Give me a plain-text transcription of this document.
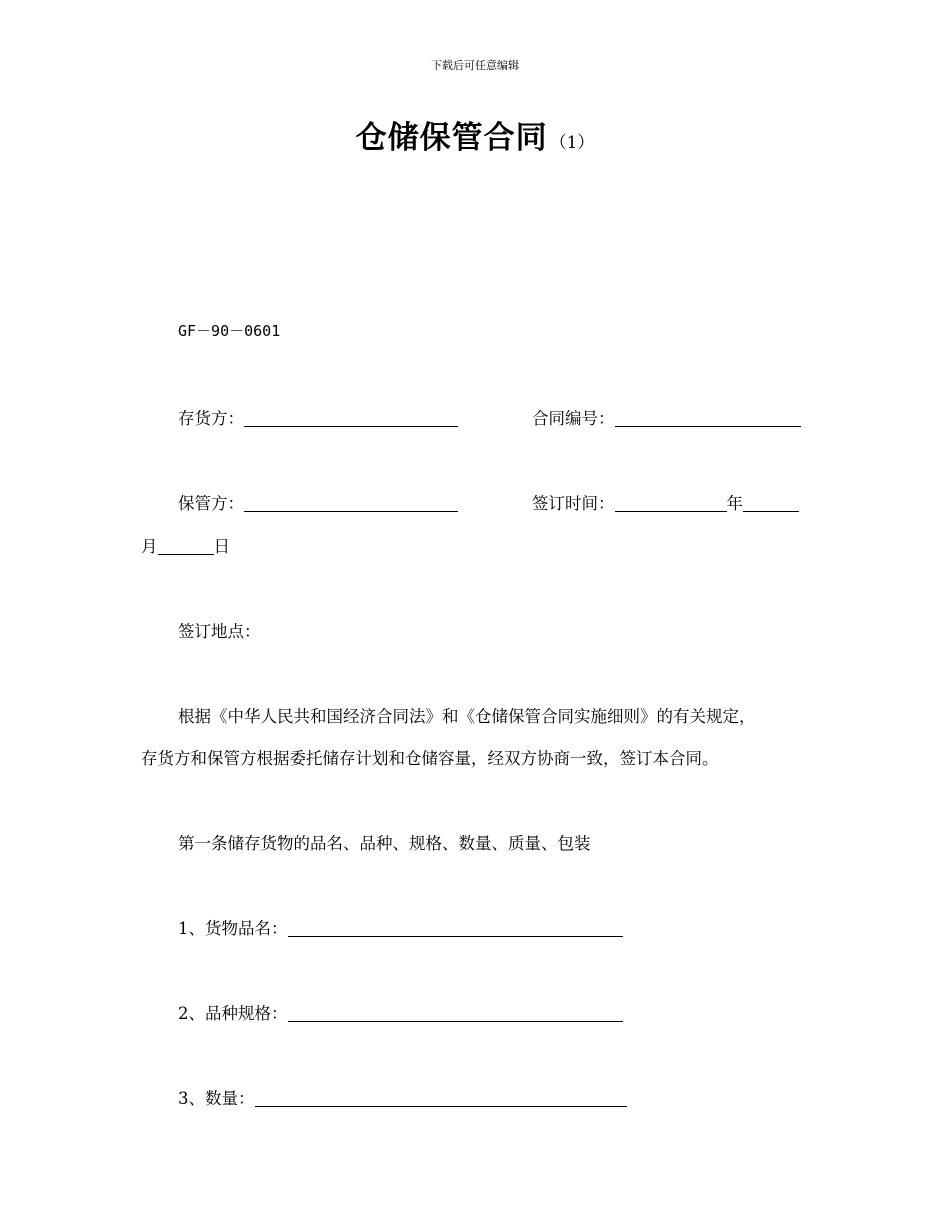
下载后可任意编辑
仓储保管合同 （1）
GF－90－0601
存货方：	合同编号：
保管方：	签订时间：	年
月	日
签订地点：
根据《中华人民共和国经济合同法》和《仓储保管合同实施细则》的有关规定，
存货方和保管方根据委托储存计划和仓储容量，经双方协商一致，签订本合同。
第一条储存货物的品名、品种、规格、数量、质量、包装
1、货物品名：
2、品种规格：
3、数量：
